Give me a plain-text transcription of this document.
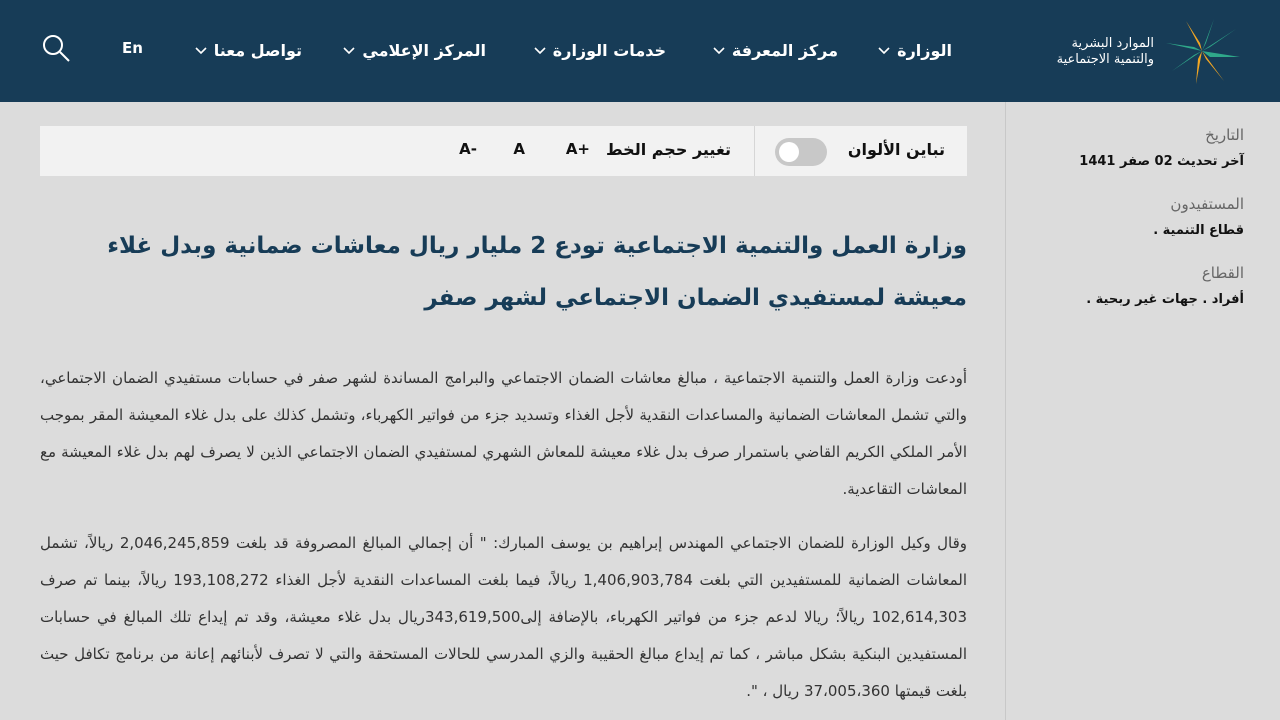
الموارد البشرية
والتنمية الاجتماعية
الوزارة
مركز المعرفة
خدمات الوزارة
المركز الإعلامي
تواصل معنا
En
التاريخ
آخر تحديث 02 صفر 1441
المستفيدون
قطاع التنمية .
القطاع
أفراد . جهات غير ربحية .
تباين الألوان
تغيير حجم الخط
A+
A
A-
وزارة العمل والتنمية الاجتماعية تودع 2 مليار ريال معاشات ضمانية وبدل غلاء معيشة لمستفيدي الضمان الاجتماعي لشهر صفر
أودعت وزارة العمل والتنمية الاجتماعية ، مبالغ معاشات الضمان الاجتماعي والبرامج المساندة لشهر صفر في حسابات مستفيدي الضمان الاجتماعي، والتي تشمل المعاشات الضمانية والمساعدات النقدية لأجل الغذاء وتسديد جزء من فواتير الكهرباء، وتشمل كذلك على بدل غلاء المعيشة المقر بموجب الأمر الملكي الكريم القاضي باستمرار صرف بدل غلاء معيشة للمعاش الشهري لمستفيدي الضمان الاجتماعي الذين لا يصرف لهم بدل غلاء المعيشة مع المعاشات التقاعدية.
وقال وكيل الوزارة للضمان الاجتماعي المهندس إبراهيم بن يوسف المبارك: " أن إجمالي المبالغ المصروفة قد بلغت 2,046,245,859 ريالاً، تشمل المعاشات الضمانية للمستفيدين التي بلغت 1,406,903,784 ريالاً، فيما بلغت المساعدات النقدية لأجل الغذاء 193,108,272 ريالاً، بينما تم صرف 102,614,303 ريالاً؛ ريالا لدعم جزء من فواتير الكهرباء، بالإضافة إلى343,619,500ريال بدل غلاء معيشة، وقد تم إيداع تلك المبالغ في حسابات المستفيدين البنكية بشكل مباشر ، كما تم إيداع مبالغ الحقيبة والزي المدرسي للحالات المستحقة والتي لا تصرف لأبنائهم إعانة من برنامج تكافل حيث بلغت قيمتها 37،005،360 ريال ، ".
